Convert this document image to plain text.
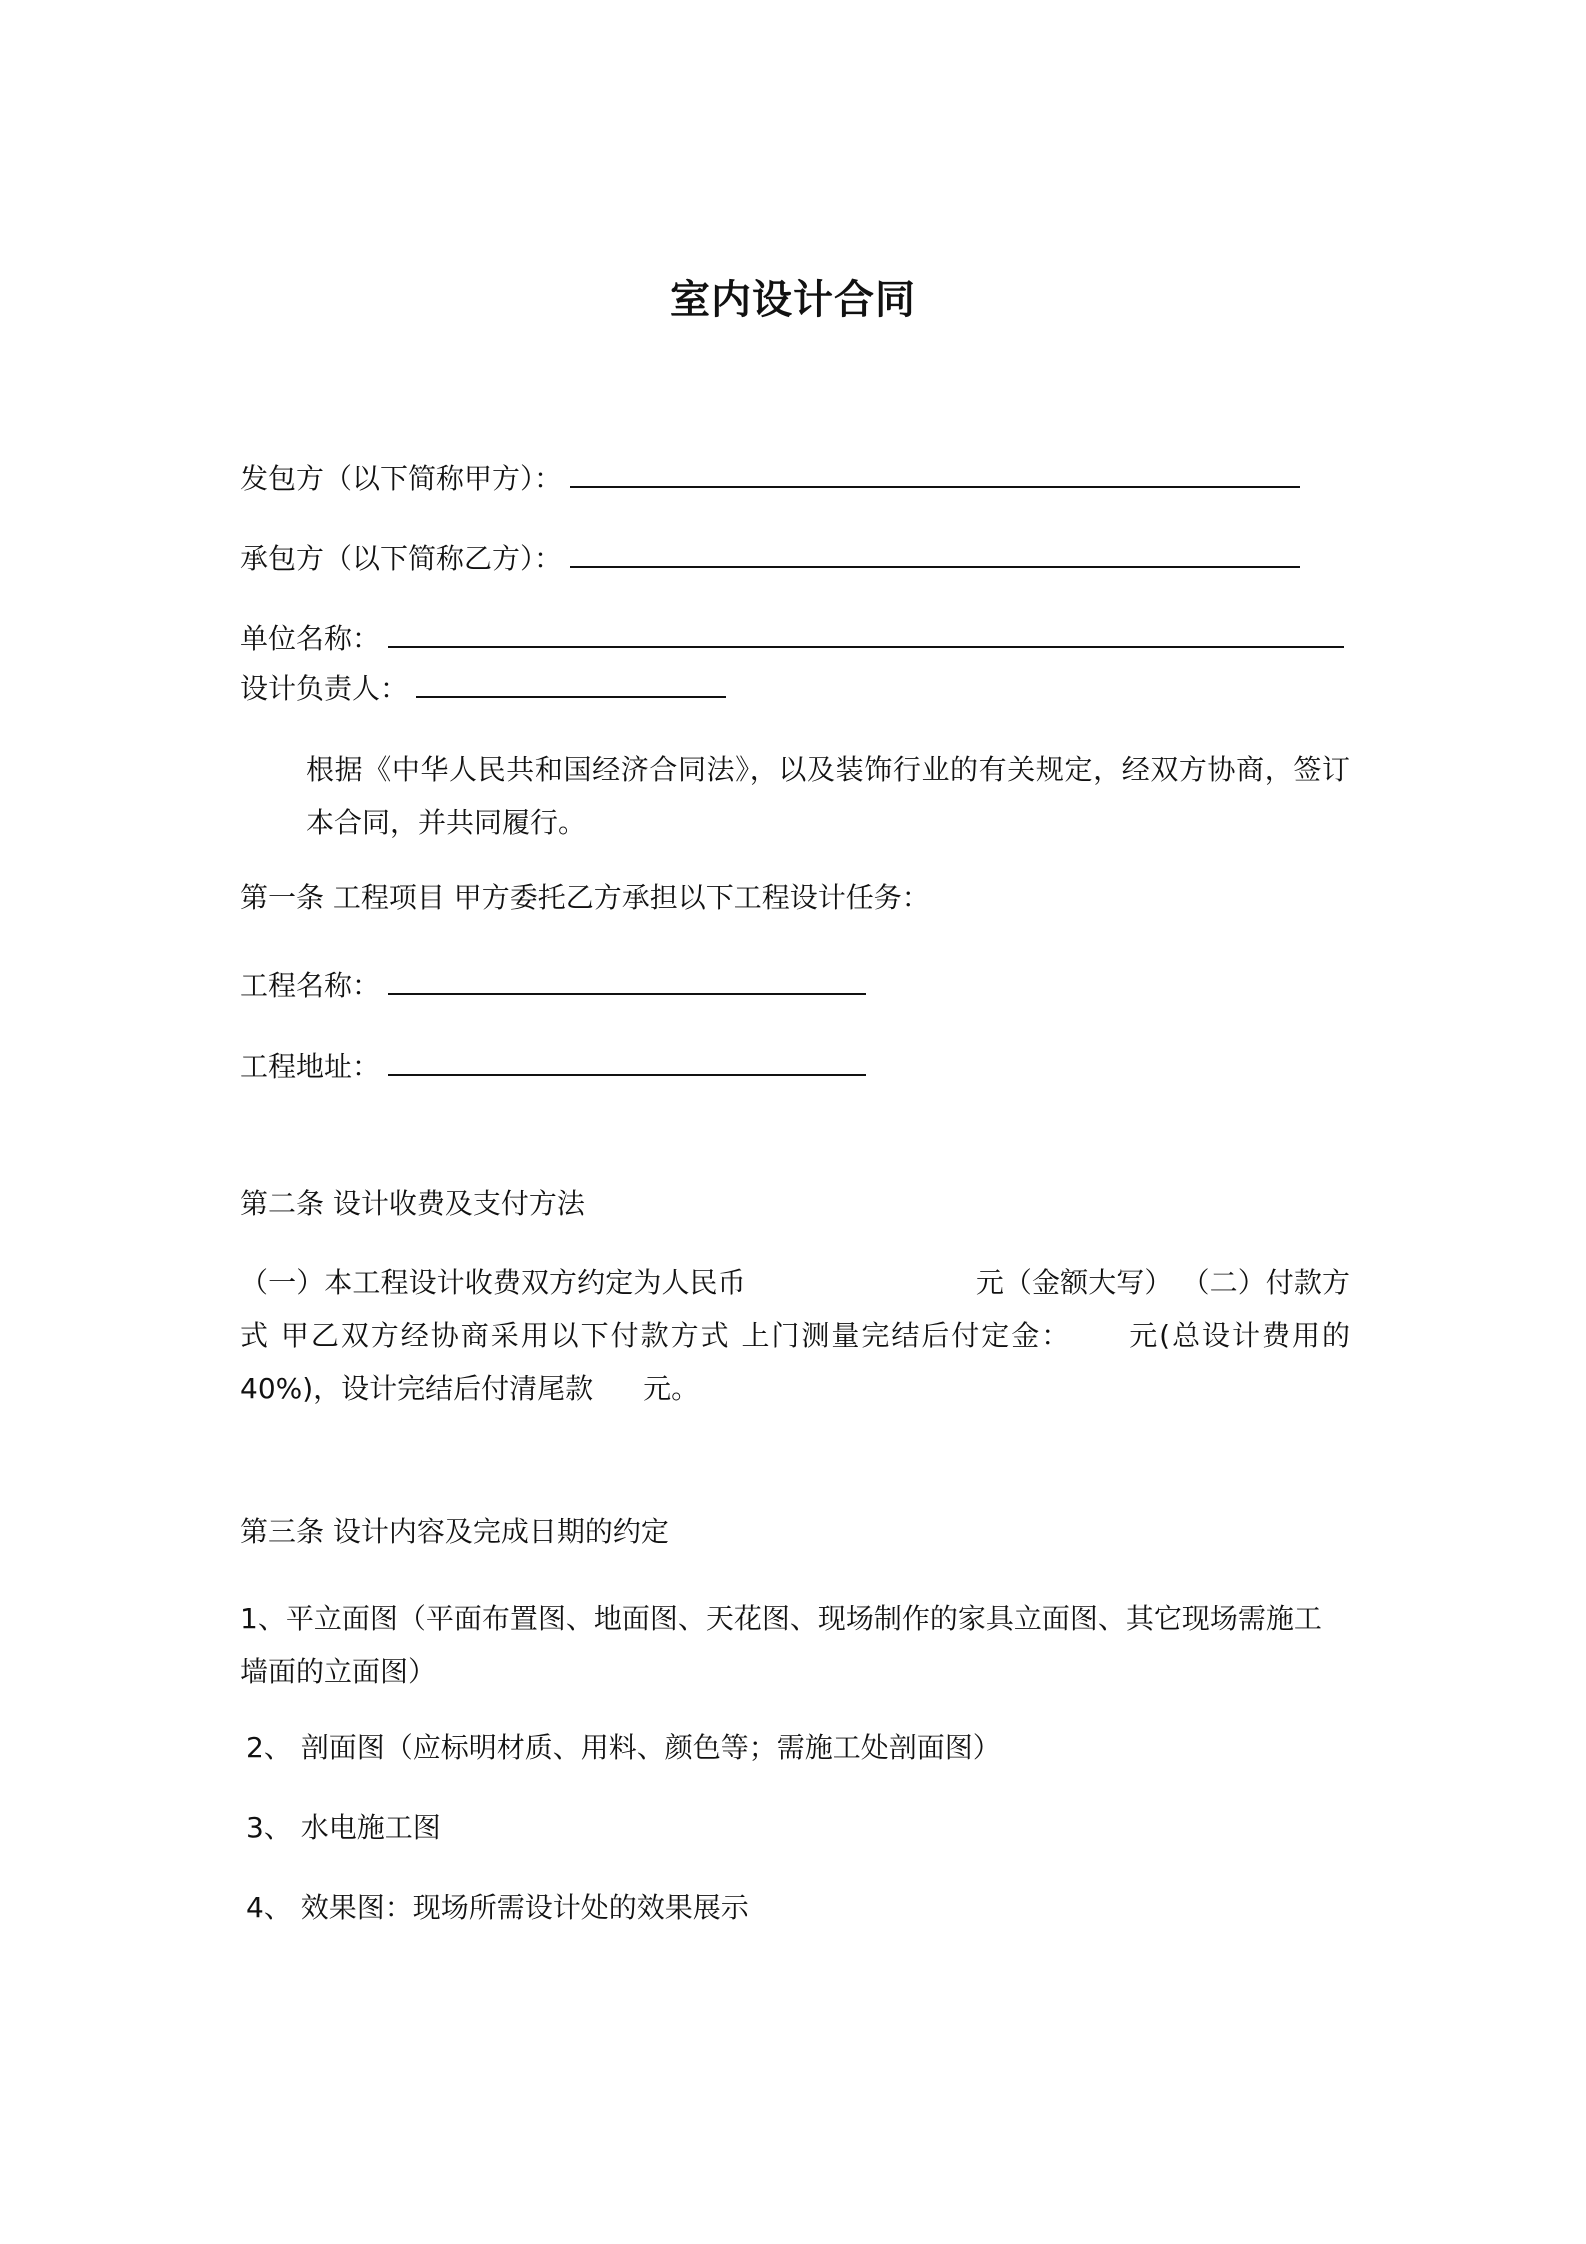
室内设计合同
发包方（以下简称甲方）：
承包方（以下简称乙方）：
单位名称：
设计负责人：
根据《中华人民共和国经济合同法》，以及装饰行业的有关规定，经双方协商，签订本合同，并共同履行。
第一条 工程项目 甲方委托乙方承担以下工程设计任务：
工程名称：
工程地址：
第二条 设计收费及支付方法
（一）本工程设计收费双方约定为人民币	元（金额大写） （二）付款方式 甲乙双方经协商采用以下付款方式 上门测量完结后付定金： 元(总设计费用的 40%)，设计完结后付清尾款 元。
第三条 设计内容及完成日期的约定
1、平立面图（平面布置图、地面图、天花图、现场制作的家具立面图、其它现场需施工墙面的立面图）
2、 剖面图（应标明材质、用料、颜色等；需施工处剖面图）
3、 水电施工图
4、 效果图：现场所需设计处的效果展示
